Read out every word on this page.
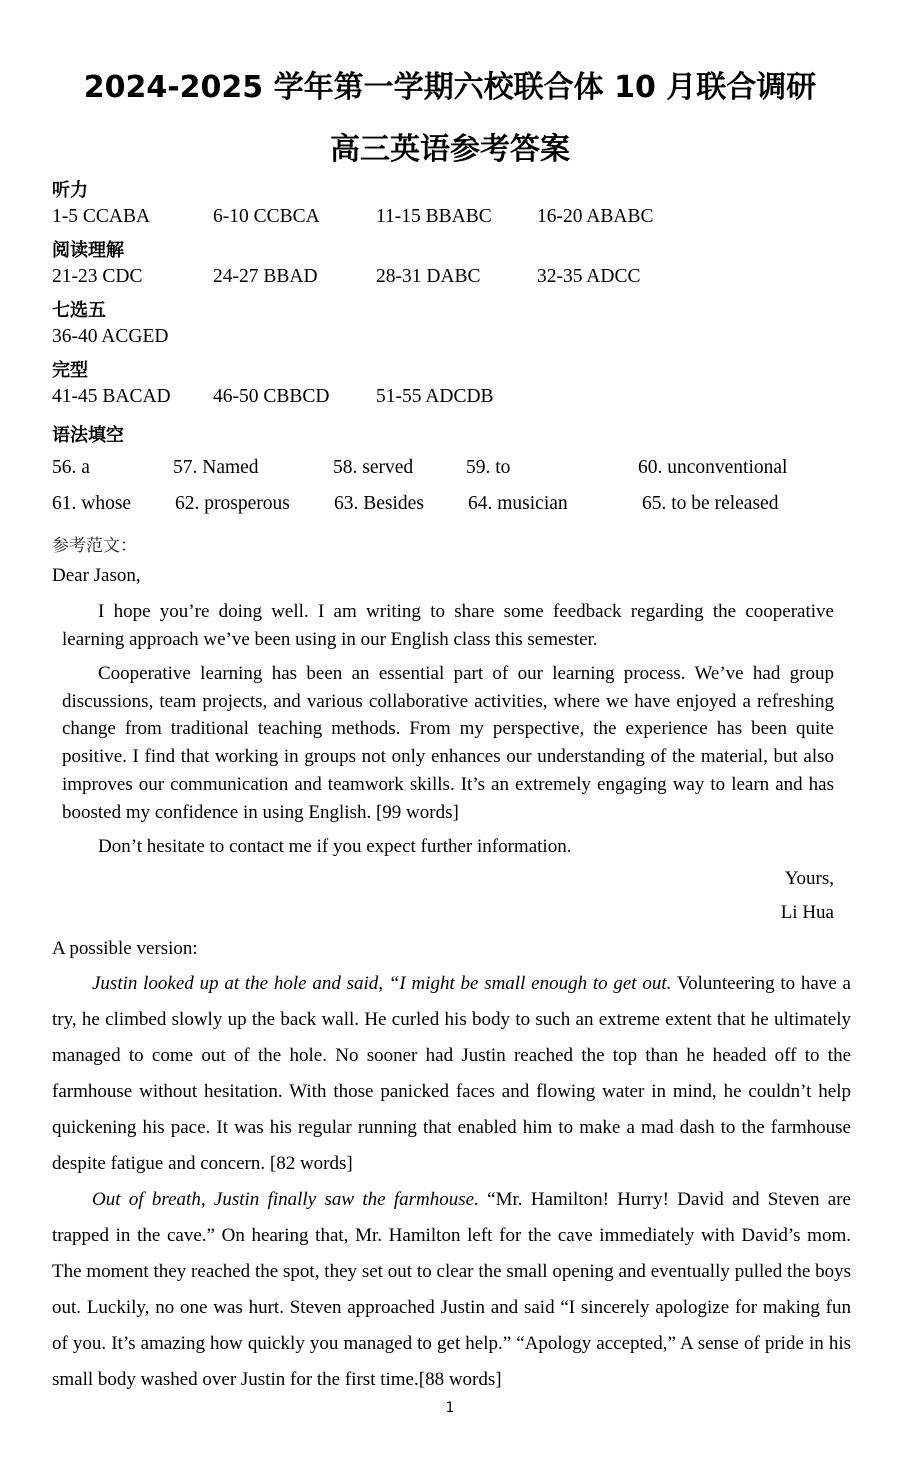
2024-2025 学年第一学期六校联合体 10 月联合调研
高三英语参考答案
听力
1-5 CCABA	6-10 CCBCA	11-15 BBABC 16-20 ABABC
阅读理解
21-23 CDC	24-27 BBAD	28-31 DABC	32-35 ADCC
七选五
36-40 ACGED
完型
41-45 BACAD 46-50 CBBCD 51-55 ADCDB
语法填空
56. a	57. Named	58. served	59. to	60. unconventional
61. whose 62. prosperous 63. Besides 64. musician	65. to be released
参考范文：
Dear Jason,

I hope you’re doing well. I am writing to share some feedback regarding the cooperative learning approach we’ve been using in our English class this semester.

Cooperative learning has been an essential part of our learning process. We’ve had group discussions, team projects, and various collaborative activities, where we have enjoyed a refreshing change from traditional teaching methods. From my perspective, the experience has been quite positive. I find that working in groups not only enhances our understanding of the material, but also improves our communication and teamwork skills. It’s an extremely engaging way to learn and has boosted my confidence in using English. [99 words]

Don’t hesitate to contact me if you expect further information.

Yours,
Li Hua
A possible version:

Justin looked up at the hole and said, “I might be small enough to get out. Volunteering to have a try, he climbed slowly up the back wall. He curled his body to such an extreme extent that he ultimately managed to come out of the hole. No sooner had Justin reached the top than he headed off to the farmhouse without hesitation. With those panicked faces and flowing water in mind, he couldn’t help quickening his pace. It was his regular running that enabled him to make a mad dash to the farmhouse despite fatigue and concern. [82 words]

Out of breath, Justin finally saw the farmhouse. “Mr. Hamilton! Hurry! David and Steven are trapped in the cave.” On hearing that, Mr. Hamilton left for the cave immediately with David’s mom. The moment they reached the spot, they set out to clear the small opening and eventually pulled the boys out. Luckily, no one was hurt. Steven approached Justin and said “I sincerely apologize for making fun of you. It’s amazing how quickly you managed to get help.” “Apology accepted,” A sense of pride in his small body washed over Justin for the first time.[88 words]

1
